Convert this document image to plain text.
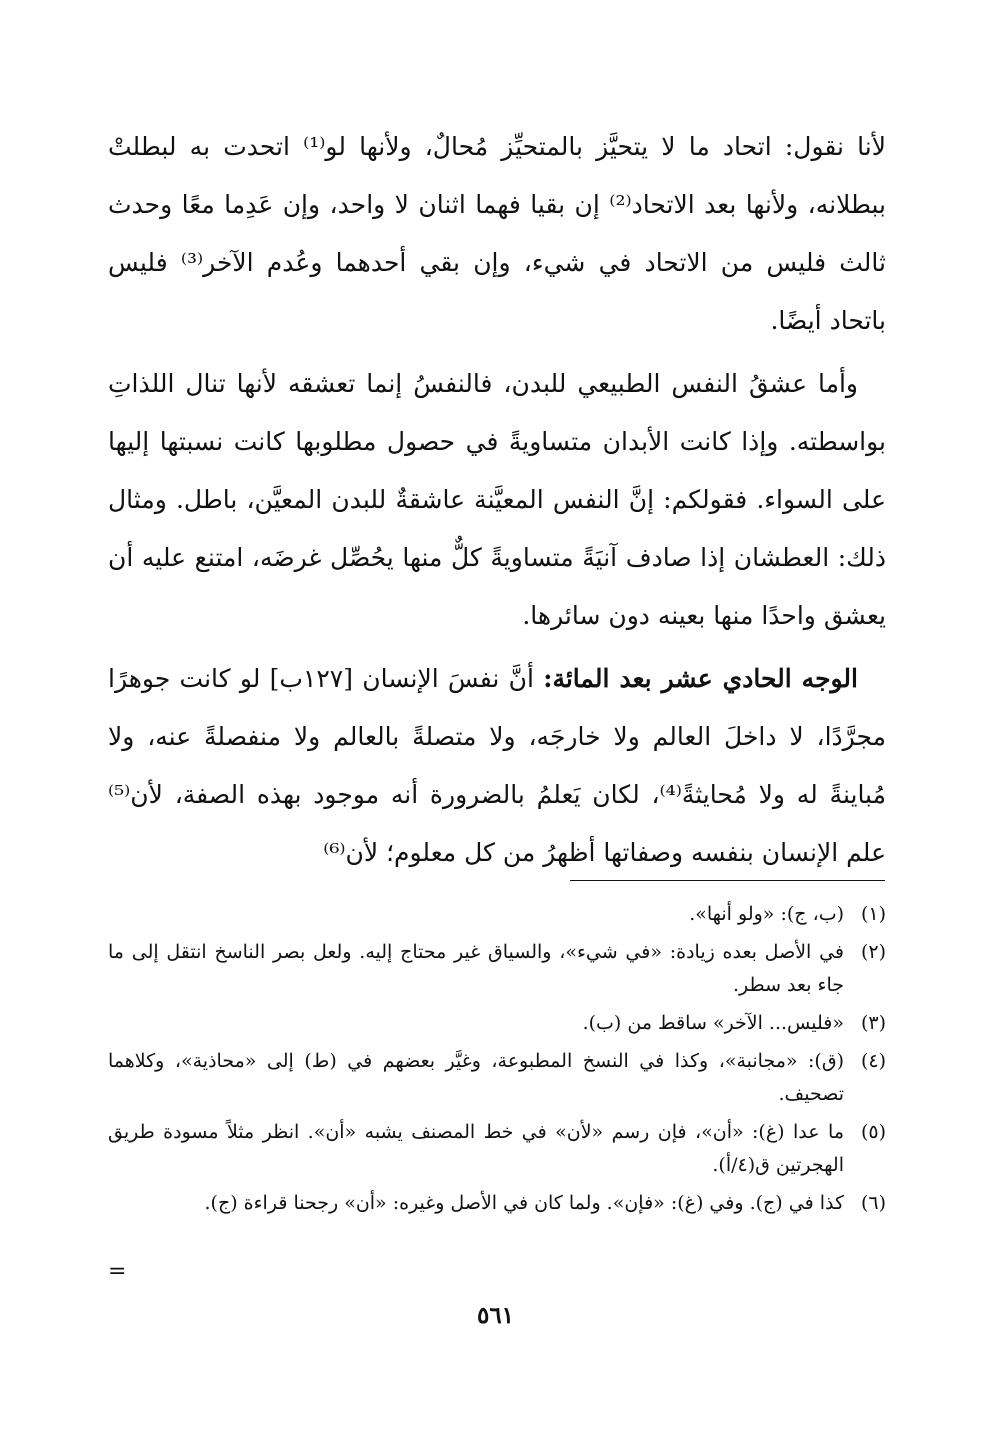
لأنا نقول: اتحاد ما لا يتحيَّز بالمتحيِّز مُحالٌ، ولأنها لو⁽¹⁾ اتحدت به لبطلتْ ببطلانه، ولأنها بعد الاتحاد⁽²⁾ إن بقيا فهما اثنان لا واحد، وإن عَدِما معًا وحدث ثالث فليس من الاتحاد في شيء، وإن بقي أحدهما وعُدم الآخر⁽³⁾ فليس باتحاد أيضًا.

وأما عشقُ النفس الطبيعي للبدن، فالنفسُ إنما تعشقه لأنها تنال اللذاتِ بواسطته. وإذا كانت الأبدان متساويةً في حصول مطلوبها كانت نسبتها إليها على السواء. فقولكم: إنَّ النفس المعيَّنة عاشقةٌ للبدن المعيَّن، باطل. ومثال ذلك: العطشان إذا صادف آنيَةً متساويةً كلٌّ منها يحُصِّل غرضَه، امتنع عليه أن يعشق واحدًا منها بعينه دون سائرها.

الوجه الحادي عشر بعد المائة: أنَّ نفسَ الإنسان [١٢٧ب] لو كانت جوهرًا مجرَّدًا، لا داخلَ العالم ولا خارجَه، ولا متصلةً بالعالم ولا منفصلةً عنه، ولا مُباينةً له ولا مُحايثةً⁽⁴⁾، لكان يَعلمُ بالضرورة أنه موجود بهذه الصفة، لأن⁽⁵⁾ علم الإنسان بنفسه وصفاتها أظهرُ من كل معلوم؛ لأن⁽⁶⁾

(١)
(ب، ج): «ولو أنها».
(٢)
في الأصل بعده زيادة: «في شيء»، والسياق غير محتاج إليه. ولعل بصر الناسخ انتقل إلى ما جاء بعد سطر.
(٣)
«فليس... الآخر» ساقط من (ب).
(٤)
(ق): «مجانبة»، وكذا في النسخ المطبوعة، وغيَّر بعضهم في (ط) إلى «محاذية»، وكلاهما تصحيف.
(٥)
ما عدا (غ): «أن»، فإن رسم «لأن» في خط المصنف يشبه «أن». انظر مثلاً مسودة طريق الهجرتين ق(٤/أ).
(٦)
كذا في (ج). وفي (غ): «فإن». ولما كان في الأصل وغيره: «أن» رجحنا قراءة (ج).
=
٥٦١
